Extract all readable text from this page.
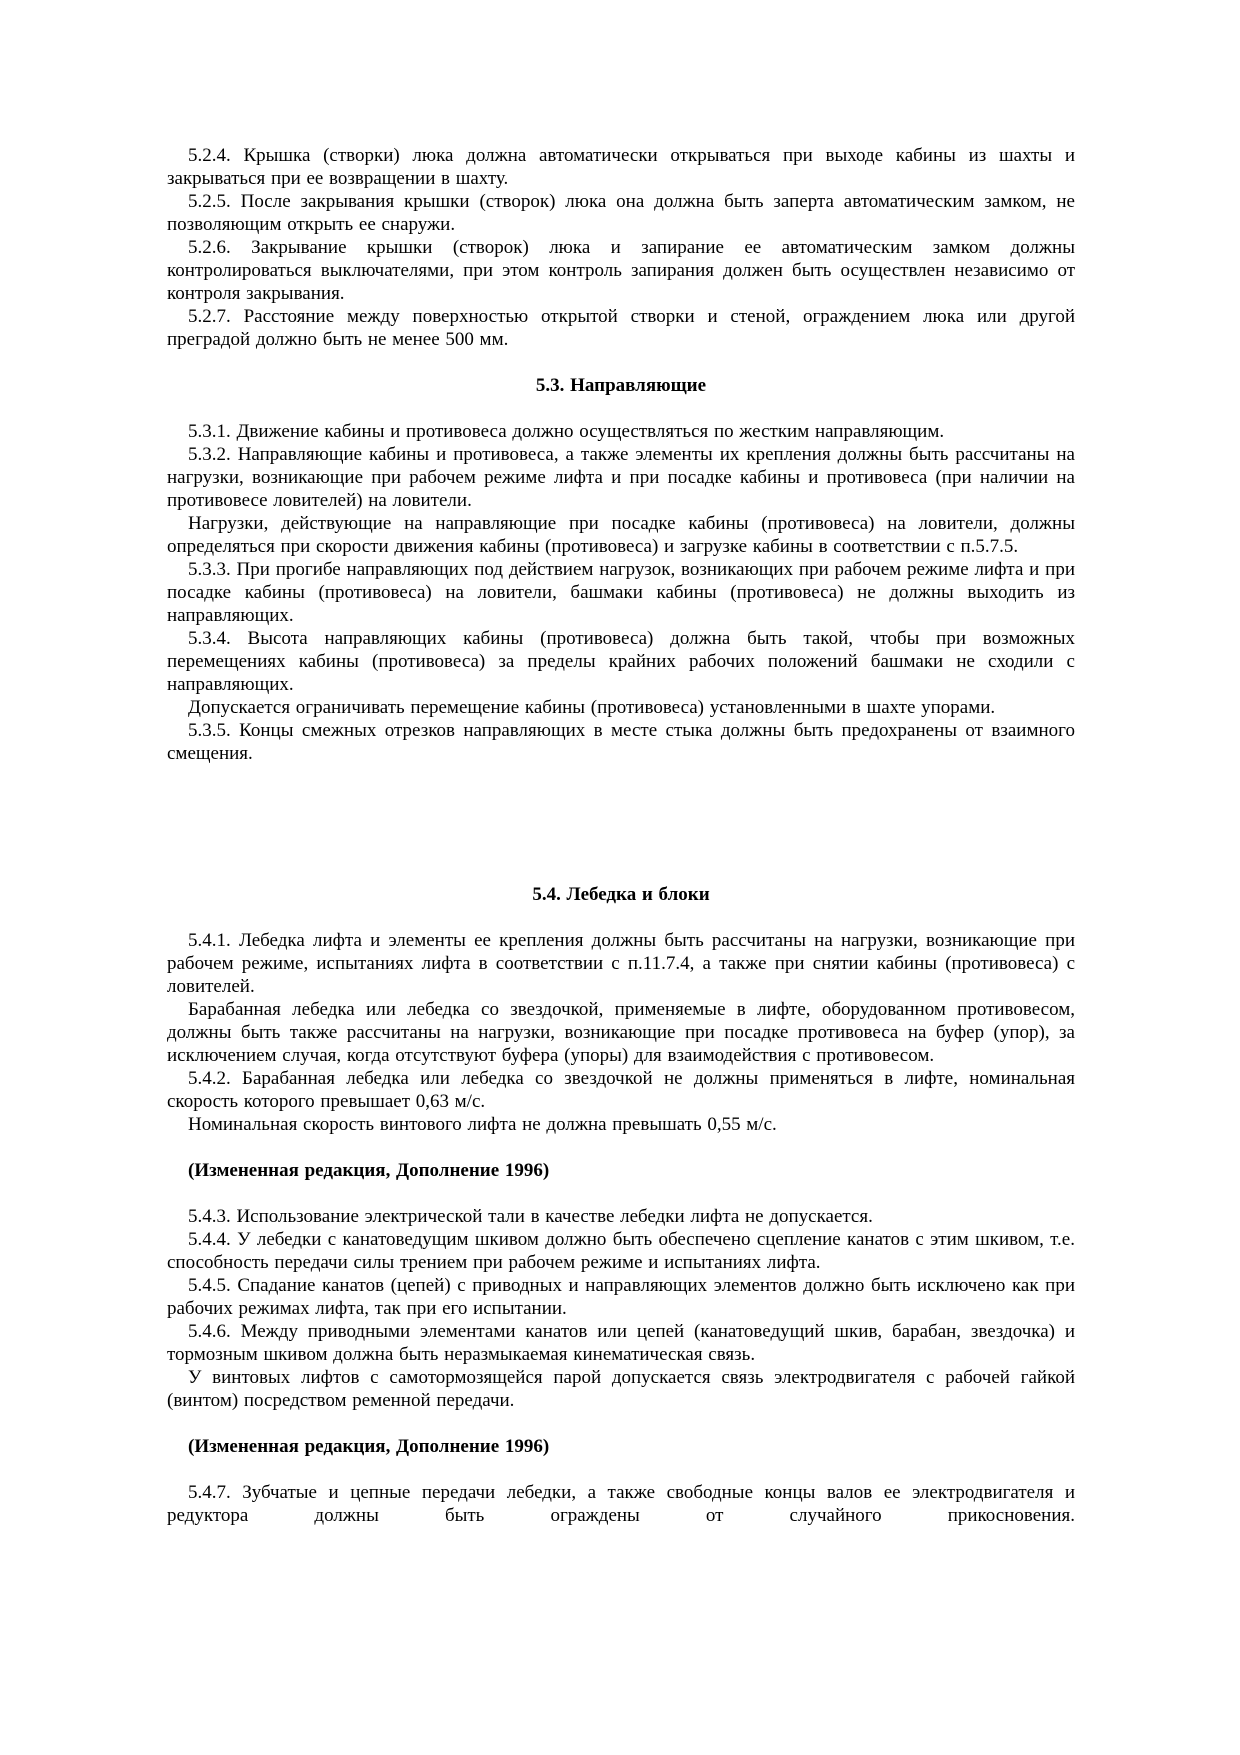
5.2.4. Крышка (створки) люка должна автоматически открываться при выходе кабины из шахты и закрываться при ее возвращении в шахту.

5.2.5. После закрывания крышки (створок) люка она должна быть заперта автоматическим замком, не позволяющим открыть ее снаружи.

5.2.6. Закрывание крышки (створок) люка и запирание ее автоматическим замком должны контролироваться выключателями, при этом контроль запирания должен быть осуществлен независимо от контроля закрывания.

5.2.7. Расстояние между поверхностью открытой створки и стеной, ограждением люка или другой преградой должно быть не менее 500 мм.

5.3. Направляющие

5.3.1. Движение кабины и противовеса должно осуществляться по жестким направляющим.

5.3.2. Направляющие кабины и противовеса, а также элементы их крепления должны быть рассчитаны на нагрузки, возникающие при рабочем режиме лифта и при посадке кабины и противовеса (при наличии на противовесе ловителей) на ловители.

Нагрузки, действующие на направляющие при посадке кабины (противовеса) на ловители, должны определяться при скорости движения кабины (противовеса) и загрузке кабины в соответствии с п.5.7.5.

5.3.3. При прогибе направляющих под действием нагрузок, возникающих при рабочем режиме лифта и при посадке кабины (противовеса) на ловители, башмаки кабины (противовеса) не должны выходить из направляющих.

5.3.4. Высота направляющих кабины (противовеса) должна быть такой, чтобы при возможных перемещениях кабины (противовеса) за пределы крайних рабочих положений башмаки не сходили с направляющих.

Допускается ограничивать перемещение кабины (противовеса) установленными в шахте упорами.

5.3.5. Концы смежных отрезков направляющих в месте стыка должны быть предохранены от взаимного смещения.

5.4. Лебедка и блоки

5.4.1. Лебедка лифта и элементы ее крепления должны быть рассчитаны на нагрузки, возникающие при рабочем режиме, испытаниях лифта в соответствии с п.11.7.4, а также при снятии кабины (противовеса) с ловителей.

Барабанная лебедка или лебедка со звездочкой, применяемые в лифте, оборудованном противовесом, должны быть также рассчитаны на нагрузки, возникающие при посадке противовеса на буфер (упор), за исключением случая, когда отсутствуют буфера (упоры) для взаимодействия с противовесом.

5.4.2. Барабанная лебедка или лебедка со звездочкой не должны применяться в лифте, номинальная скорость которого превышает 0,63 м/с.

Номинальная скорость винтового лифта не должна превышать 0,55 м/с.

(Измененная редакция, Дополнение 1996)

5.4.3. Использование электрической тали в качестве лебедки лифта не допускается.

5.4.4. У лебедки с канатоведущим шкивом должно быть обеспечено сцепление канатов с этим шкивом, т.е. способность передачи силы трением при рабочем режиме и испытаниях лифта.

5.4.5. Спадание канатов (цепей) с приводных и направляющих элементов должно быть исключено как при рабочих режимах лифта, так при его испытании.

5.4.6. Между приводными элементами канатов или цепей (канатоведущий шкив, барабан, звездочка) и тормозным шкивом должна быть неразмыкаемая кинематическая связь.

У винтовых лифтов с самотормозящейся парой допускается связь электродвигателя с рабочей гайкой (винтом) посредством ременной передачи.

(Измененная редакция, Дополнение 1996)

5.4.7. Зубчатые и цепные передачи лебедки, а также свободные концы валов ее электродвигателя и редуктора должны быть ограждены от случайного прикосновения.
